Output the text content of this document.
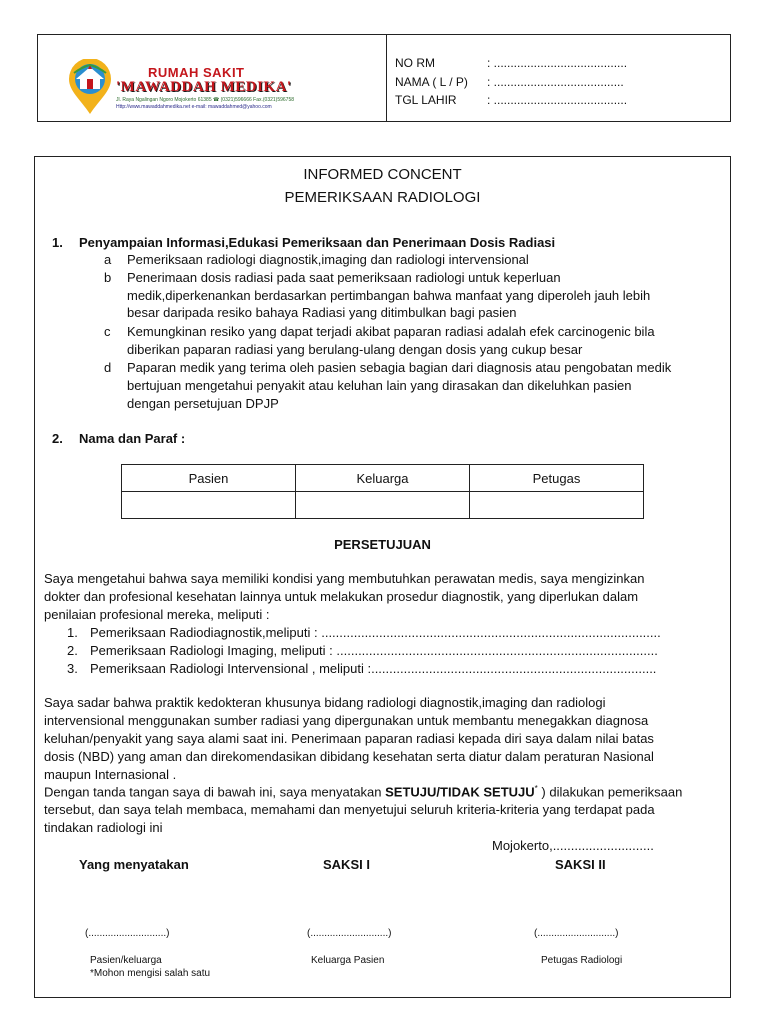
RUMAH SAKIT
'MAWADDAH MEDIKA'
Jl. Raya Ngalingan Ngoro Mojokerto 61385 ☎ (0321)596666 Fax.(0321)596758
Http://www.mawaddahmedika.net e-mail: mawaddahmed@yahoo.com
NO RM	: ........................................
NAMA ( L / P) : .......................................
TGL LAHIR	: ........................................
INFORMED CONCENT
PEMERIKSAAN RADIOLOGI
1. Penyampaian Informasi,Edukasi Pemeriksaan dan Penerimaan Dosis Radiasi
a Pemeriksaan radiologi diagnostik,imaging dan radiologi intervensional
b Penerimaan dosis radiasi pada saat pemeriksaan radiologi untuk keperluan
medik,diperkenankan berdasarkan pertimbangan bahwa manfaat yang diperoleh jauh lebih
besar daripada resiko bahaya Radiasi yang ditimbulkan bagi pasien
c Kemungkinan resiko yang dapat terjadi akibat paparan radiasi adalah efek carcinogenic bila
diberikan paparan radiasi yang berulang-ulang dengan dosis yang cukup besar
d Paparan medik yang terima oleh pasien sebagia bagian dari diagnosis atau pengobatan medik
bertujuan mengetahui penyakit atau keluhan lain yang dirasakan dan dikeluhkan pasien
dengan persetujuan DPJP
2. Nama dan Paraf :
Pasien	Keluarga	Petugas

PERSETUJUAN
Saya mengetahui bahwa saya memiliki kondisi yang membutuhkan perawatan medis, saya mengizinkan
dokter dan profesional kesehatan lainnya untuk melakukan prosedur diagnostik, yang diperlukan dalam
penilaian profesional mereka, meliputi :
1. Pemeriksaan Radiodiagnostik,meliputi : ..............................................................................................
2. Pemeriksaan Radiologi Imaging, meliputi : .........................................................................................
3. Pemeriksaan Radiologi Intervensional , meliputi :...............................................................................
Saya sadar bahwa praktik kedokteran khusunya bidang radiologi diagnostik,imaging dan radiologi
intervensional menggunakan sumber radiasi yang dipergunakan untuk membantu menegakkan diagnosa
keluhan/penyakit yang saya alami saat ini. Penerimaan paparan radiasi kepada diri saya dalam nilai batas
dosis (NBD) yang aman dan direkomendasikan dibidang kesehatan serta diatur dalam peraturan Nasional
maupun Internasional .
Dengan tanda tangan saya di bawah ini, saya menyatakan SETUJU/TIDAK SETUJU* ) dilakukan pemeriksaan
tersebut, dan saya telah membaca, memahami dan menyetujui seluruh kriteria-kriteria yang terdapat pada
tindakan radiologi ini
Mojokerto,............................
Yang menyatakan	SAKSI I	SAKSI II
(............................)	(............................)	(............................)
Pasien/keluarga	Keluarga Pasien	Petugas Radiologi
*Mohon mengisi salah satu
